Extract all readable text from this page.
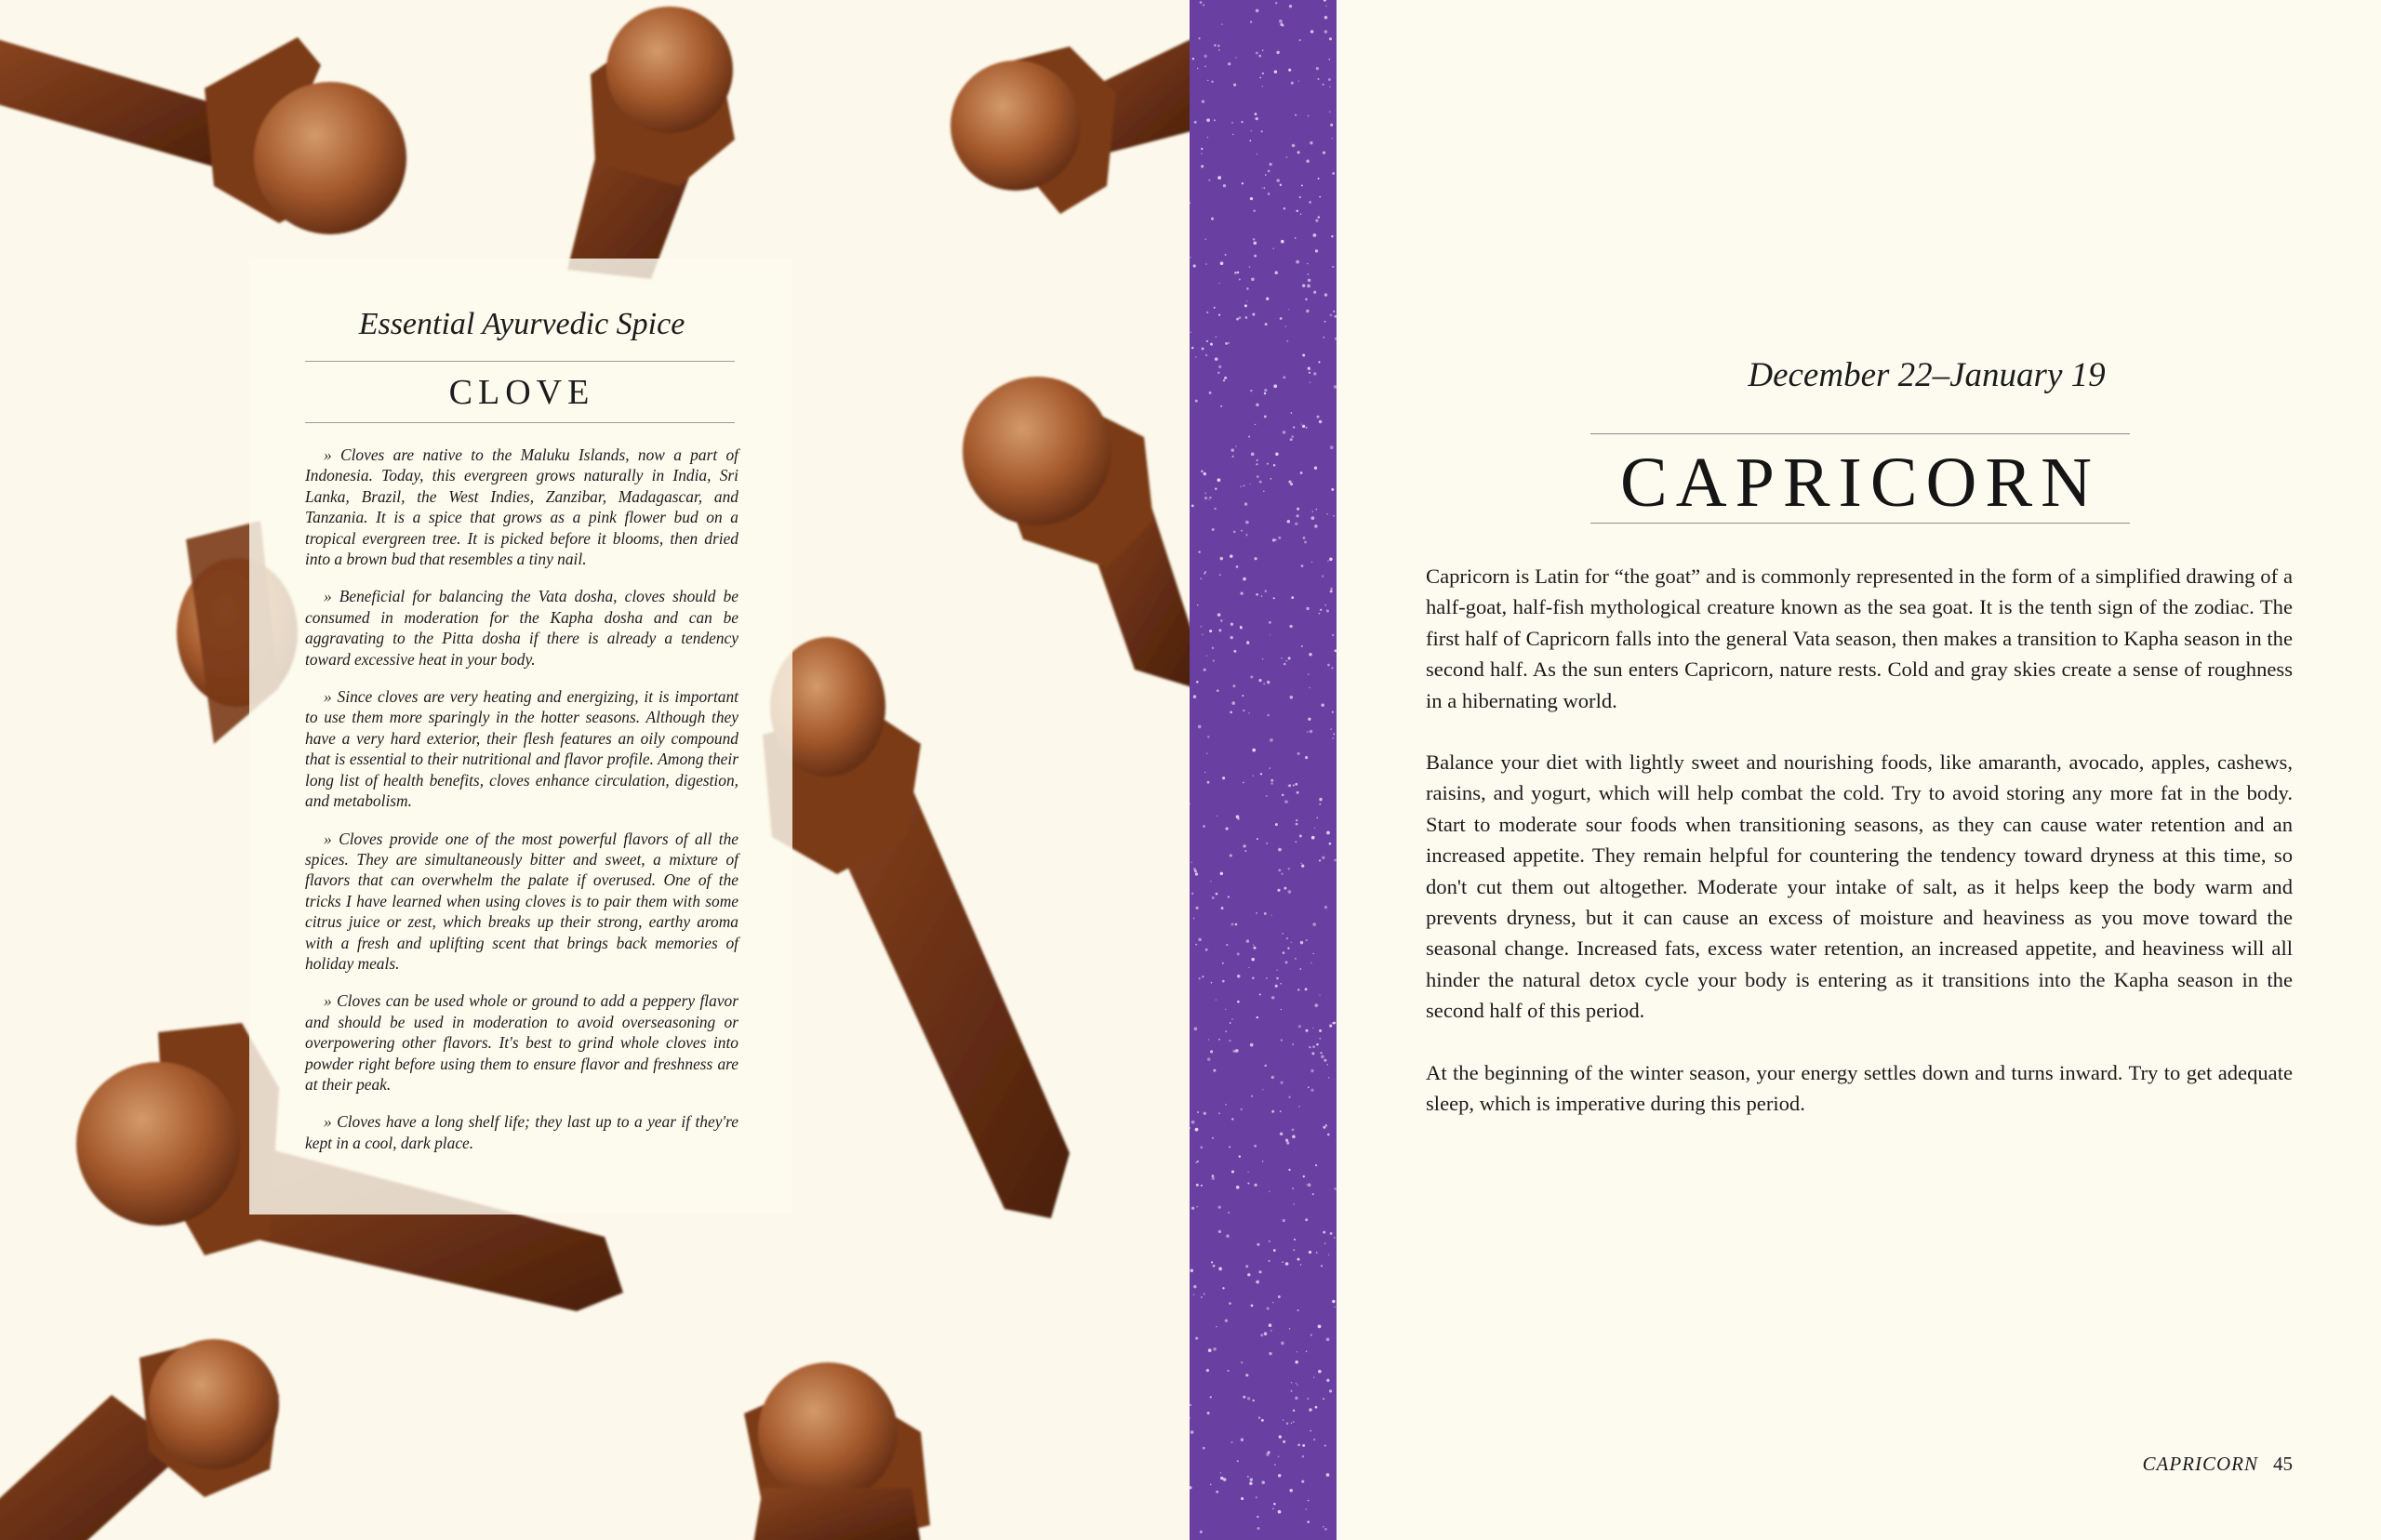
Essential Ayurvedic Spice
CLOVE

» Cloves are native to the Maluku Islands, now a part of Indonesia. Today, this evergreen grows naturally in India, Sri Lanka, Brazil, the West Indies, Zanzibar, Madagascar, and Tanzania. It is a spice that grows as a pink flower bud on a tropical evergreen tree. It is picked before it blooms, then dried into a brown bud that resembles a tiny nail.

» Beneficial for balancing the Vata dosha, cloves should be consumed in moderation for the Kapha dosha and can be aggravating to the Pitta dosha if there is already a tendency toward excessive heat in your body.

» Since cloves are very heating and energizing, it is important to use them more sparingly in the hotter seasons. Although they have a very hard exterior, their flesh features an oily compound that is essential to their nutritional and flavor profile. Among their long list of health benefits, cloves enhance circulation, digestion, and metabolism.

» Cloves provide one of the most powerful flavors of all the spices. They are simultaneously bitter and sweet, a mixture of flavors that can overwhelm the palate if overused. One of the tricks I have learned when using cloves is to pair them with some citrus juice or zest, which breaks up their strong, earthy aroma with a fresh and uplifting scent that brings back memories of holiday meals.

» Cloves can be used whole or ground to add a peppery flavor and should be used in moderation to avoid overseasoning or overpowering other flavors. It's best to grind whole cloves into powder right before using them to ensure flavor and freshness are at their peak.

» Cloves have a long shelf life; they last up to a year if they're kept in a cool, dark place.

December 22–January 19
CAPRICORN

Capricorn is Latin for “the goat” and is commonly represented in the form of a simplified drawing of a half-goat, half-fish mythological creature known as the sea goat. It is the tenth sign of the zodiac. The first half of Capricorn falls into the general Vata season, then makes a transition to Kapha season in the second half. As the sun enters Capricorn, nature rests. Cold and gray skies create a sense of roughness in a hibernating world.

Balance your diet with lightly sweet and nourishing foods, like amaranth, avocado, apples, cashews, raisins, and yogurt, which will help combat the cold. Try to avoid storing any more fat in the body. Start to moderate sour foods when transitioning seasons, as they can cause water retention and an increased appetite. They remain helpful for countering the tendency toward dryness at this time, so don't cut them out altogether. Moderate your intake of salt, as it helps keep the body warm and prevents dryness, but it can cause an excess of moisture and heaviness as you move toward the seasonal change. Increased fats, excess water retention, an increased appetite, and heaviness will all hinder the natural detox cycle your body is entering as it transitions into the Kapha season in the second half of this period.

At the beginning of the winter season, your energy settles down and turns inward. Try to get adequate sleep, which is imperative during this period.

CAPRICORN 45
